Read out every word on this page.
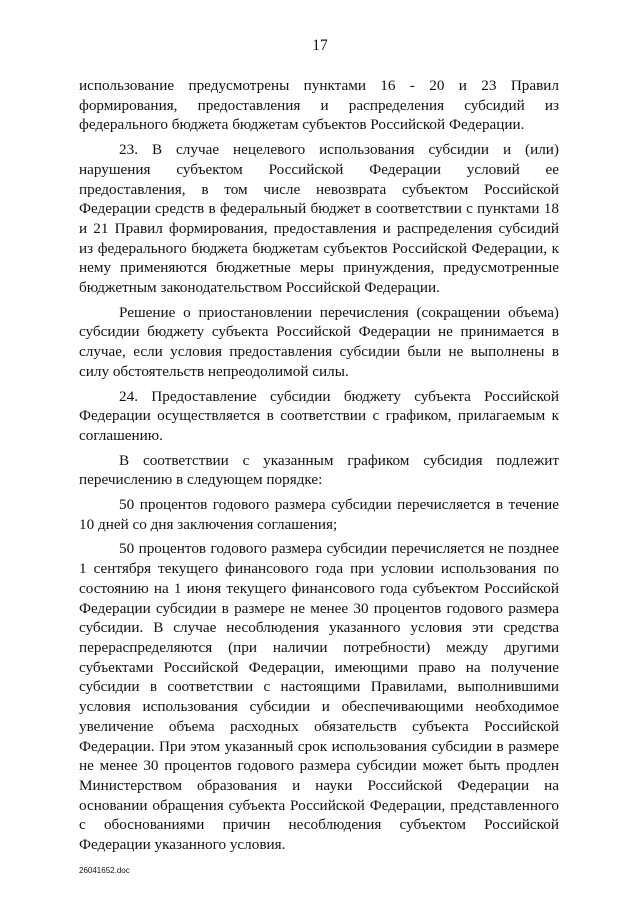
17

использование предусмотрены пунктами 16 - 20 и 23 Правил формирования, предоставления и распределения субсидий из федерального бюджета бюджетам субъектов Российской Федерации.

23. В случае нецелевого использования субсидии и (или) нарушения субъектом Российской Федерации условий ее предоставления, в том числе невозврата субъектом Российской Федерации средств в федеральный бюджет в соответствии с пунктами 18 и 21 Правил формирования, предоставления и распределения субсидий из федерального бюджета бюджетам субъектов Российской Федерации, к нему применяются бюджетные меры принуждения, предусмотренные бюджетным законодательством Российской Федерации.

Решение о приостановлении перечисления (сокращении объема) субсидии бюджету субъекта Российской Федерации не принимается в случае, если условия предоставления субсидии были не выполнены в силу обстоятельств непреодолимой силы.

24. Предоставление субсидии бюджету субъекта Российской Федерации осуществляется в соответствии с графиком, прилагаемым к соглашению.

В соответствии с указанным графиком субсидия подлежит перечислению в следующем порядке:

50 процентов годового размера субсидии перечисляется в течение 10 дней со дня заключения соглашения;

50 процентов годового размера субсидии перечисляется не позднее 1 сентября текущего финансового года при условии использования по состоянию на 1 июня текущего финансового года субъектом Российской Федерации субсидии в размере не менее 30 процентов годового размера субсидии. В случае несоблюдения указанного условия эти средства перераспределяются (при наличии потребности) между другими субъектами Российской Федерации, имеющими право на получение субсидии в соответствии с настоящими Правилами, выполнившими условия использования субсидии и обеспечивающими необходимое увеличение объема расходных обязательств субъекта Российской Федерации. При этом указанный срок использования субсидии в размере не менее 30 процентов годового размера субсидии может быть продлен Министерством образования и науки Российской Федерации на основании обращения субъекта Российской Федерации, представленного с обоснованиями причин несоблюдения субъектом Российской Федерации указанного условия.

26041652.doc
